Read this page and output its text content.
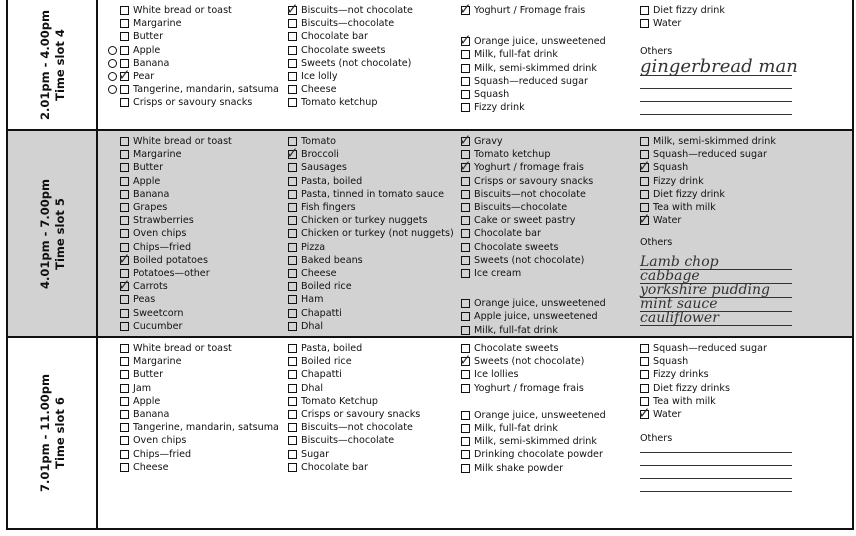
2.01pm - 4.00pm Time slot 4
White bread or toast
Margarine
Butter
Apple
Banana
✓ Pear
Tangerine, mandarin, satsuma
Crisps or savoury snacks
✓ Biscuits—not chocolate
Biscuits—chocolate
Chocolate bar
Chocolate sweets
Sweets (not chocolate)
Ice lolly
Cheese
Tomato ketchup
✓ Yoghurt / Fromage frais
✓ Orange juice, unsweetened
Milk, full-fat drink
Milk, semi-skimmed drink
Squash—reduced sugar
Squash
Fizzy drink
Diet fizzy drink
Water
Others
gingerbread man
4.01pm - 7.00pm Time slot 5
White bread or toast
Margarine
Butter
Apple
Banana
Grapes
Strawberries
Oven chips
Chips—fried
✓ Boiled potatoes
Potatoes—other
✓ Carrots
Peas
Sweetcorn
Cucumber
Tomato
✓ Broccoli
Sausages
Pasta, boiled
Pasta, tinned in tomato sauce
Fish fingers
Chicken or turkey nuggets
Chicken or turkey (not nuggets)
Pizza
Baked beans
Cheese
Boiled rice
Ham
Chapatti
Dhal
✓ Gravy
Tomato ketchup
✓ Yoghurt / fromage frais
Crisps or savoury snacks
Biscuits—not chocolate
Biscuits—chocolate
Cake or sweet pastry
Chocolate bar
Chocolate sweets
Sweets (not chocolate)
Ice cream
Orange juice, unsweetened
Apple juice, unsweetened
Milk, full-fat drink
Milk, semi-skimmed drink
Squash—reduced sugar
✓ Squash
Fizzy drink
Diet fizzy drink
Tea with milk
✓ Water
Others
Lamb chop
cabbage
yorkshire pudding
mint sauce
cauliflower
7.01pm - 11.00pm Time slot 6
White bread or toast
Margarine
Butter
Jam
Apple
Banana
Tangerine, mandarin, satsuma
Oven chips
Chips—fried
Cheese
Pasta, boiled
Boiled rice
Chapatti
Dhal
Tomato Ketchup
Crisps or savoury snacks
Biscuits—not chocolate
Biscuits—chocolate
Sugar
Chocolate bar
Chocolate sweets
✓ Sweets (not chocolate)
Ice lollies
Yoghurt / fromage frais
Orange juice, unsweetened
Milk, full-fat drink
Milk, semi-skimmed drink
Drinking chocolate powder
Milk shake powder
Squash—reduced sugar
Squash
Fizzy drinks
Diet fizzy drinks
Tea with milk
✓ Water
Others
